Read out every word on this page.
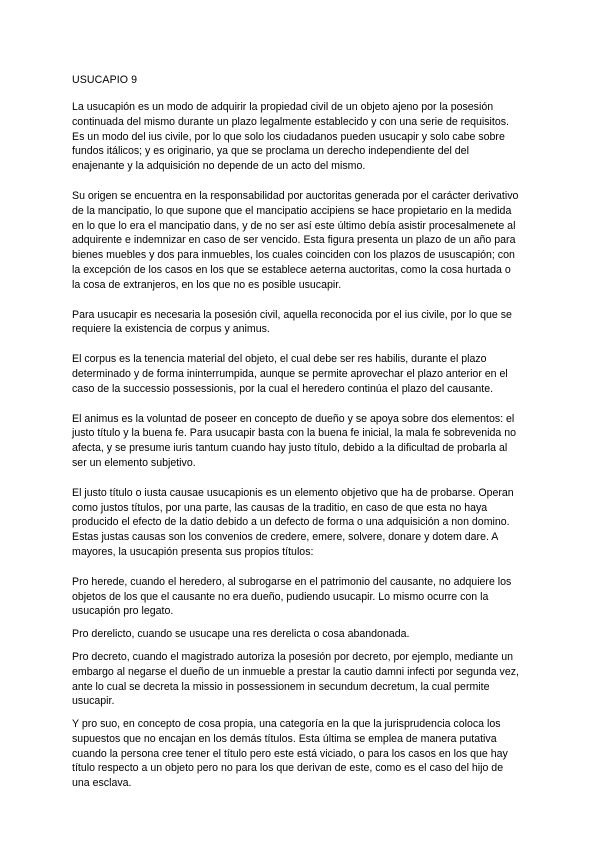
USUCAPIO 9

La usucapión es un modo de adquirir la propiedad civil de un objeto ajeno por la posesión continuada del mismo durante un plazo legalmente establecido y con una serie de requisitos. Es un modo del ius civile, por lo que solo los ciudadanos pueden usucapir y solo cabe sobre fundos itálicos; y es originario, ya que se proclama un derecho independiente del del enajenante y la adquisición no depende de un acto del mismo.

Su origen se encuentra en la responsabilidad por auctoritas generada por el carácter derivativo de la mancipatio, lo que supone que el mancipatio accipiens se hace propietario en la medida en lo que lo era el mancipatio dans, y de no ser así este último debía asistir procesalmenete al adquirente e indemnizar en caso de ser vencido. Esta figura presenta un plazo de un año para bienes muebles y dos para inmuebles, los cuales coinciden con los plazos de ususcapión; con la excepción de los casos en los que se establece aeterna auctoritas, como la cosa hurtada o la cosa de extranjeros, en los que no es posible usucapir.

Para usucapir es necesaria la posesión civil, aquella reconocida por el ius civile, por lo que se requiere la existencia de corpus y animus.

El corpus es la tenencia material del objeto, el cual debe ser res habilis, durante el plazo determinado y de forma ininterrumpida, aunque se permite aprovechar el plazo anterior en el caso de la successio possessionis, por la cual el heredero continúa el plazo del causante.

El animus es la voluntad de poseer en concepto de dueño y se apoya sobre dos elementos: el justo título y la buena fe. Para usucapir basta con la buena fe inicial, la mala fe sobrevenida no afecta, y se presume iuris tantum cuando hay justo título, debido a la dificultad de probarla al ser un elemento subjetivo.

El justo título o iusta causae usucapionis es un elemento objetivo que ha de probarse. Operan como justos títulos, por una parte, las causas de la traditio, en caso de que esta no haya producido el efecto de la datio debido a un defecto de forma o una adquisición a non domino. Estas justas causas son los convenios de credere, emere, solvere, donare y dotem dare. A mayores, la usucapión presenta sus propios títulos:

Pro herede, cuando el heredero, al subrogarse en el patrimonio del causante, no adquiere los objetos de los que el causante no era dueño, pudiendo usucapir. Lo mismo ocurre con la usucapión pro legato.

Pro derelicto, cuando se usucape una res derelicta o cosa abandonada.

Pro decreto, cuando el magistrado autoriza la posesión por decreto, por ejemplo, mediante un embargo al negarse el dueño de un inmueble a prestar la cautio damni infecti por segunda vez, ante lo cual se decreta la missio in possessionem in secundum decretum, la cual permite usucapir.

Y pro suo, en concepto de cosa propia, una categoría en la que la jurisprudencia coloca los supuestos que no encajan en los demás títulos. Esta última se emplea de manera putativa cuando la persona cree tener el título pero este está viciado, o para los casos en los que hay título respecto a un objeto pero no para los que derivan de este, como es el caso del hijo de una esclava.
